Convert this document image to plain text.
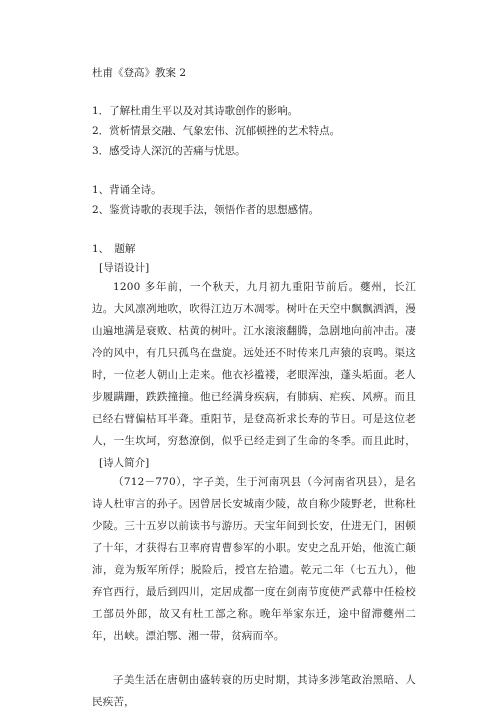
杜甫《登高》教案 2
1．了解杜甫生平以及对其诗歌创作的影响。
2．赏析情景交融、气象宏伟、沉郁顿挫的艺术特点。
3．感受诗人深沉的苦痛与忧思。
1、背诵全诗。
2、鉴赏诗歌的表现手法，领悟作者的思想感情。
1、　题解
[导语设计]
1200 多年前，一个秋天，九月初九重阳节前后。夔州，长江边。大风凛冽地吹，吹得江边万木凋零。树叶在天空中飘飘洒洒，漫山遍地满是衰败、枯黄的树叶。江水滚滚翻腾，急剧地向前冲击。凄冷的风中，有几只孤鸟在盘旋。远处还不时传来几声猿的哀鸣。渠这时，一位老人朝山上走来。他衣衫褴褛，老眼浑浊，蓬头垢面。老人步履蹒跚，跌跌撞撞。他已经满身疾病，有肺病、疟疾、风痹。而且已经右臂偏枯耳半聋。重阳节，是登高祈求长寿的节日。可是这位老人，一生坎坷，穷愁潦倒，似乎已经走到了生命的冬季。而且此时，
[诗人简介]
（712－770），字子美，生于河南巩县（今河南省巩县），是名诗人杜审言的孙子。因曾居长安城南少陵，故自称少陵野老，世称杜少陵。三十五岁以前读书与游历。天宝年间到长安，仕进无门，困顿了十年，才获得右卫率府胄曹参军的小职。安史之乱开始，他流亡颠沛，竟为叛军所俘；脱险后，授官左拾遗。乾元二年（七五九），他弃官西行，最后到四川，定居成都一度在剑南节度使严武幕中任检校工部员外郎，故又有杜工部之称。晚年举家东迁，途中留滞夔州二年，出峡。漂泊鄂、湘一带，贫病而卒。
子美生活在唐朝由盛转衰的历史时期，其诗多涉笔政治黑暗、人民疾苦，
